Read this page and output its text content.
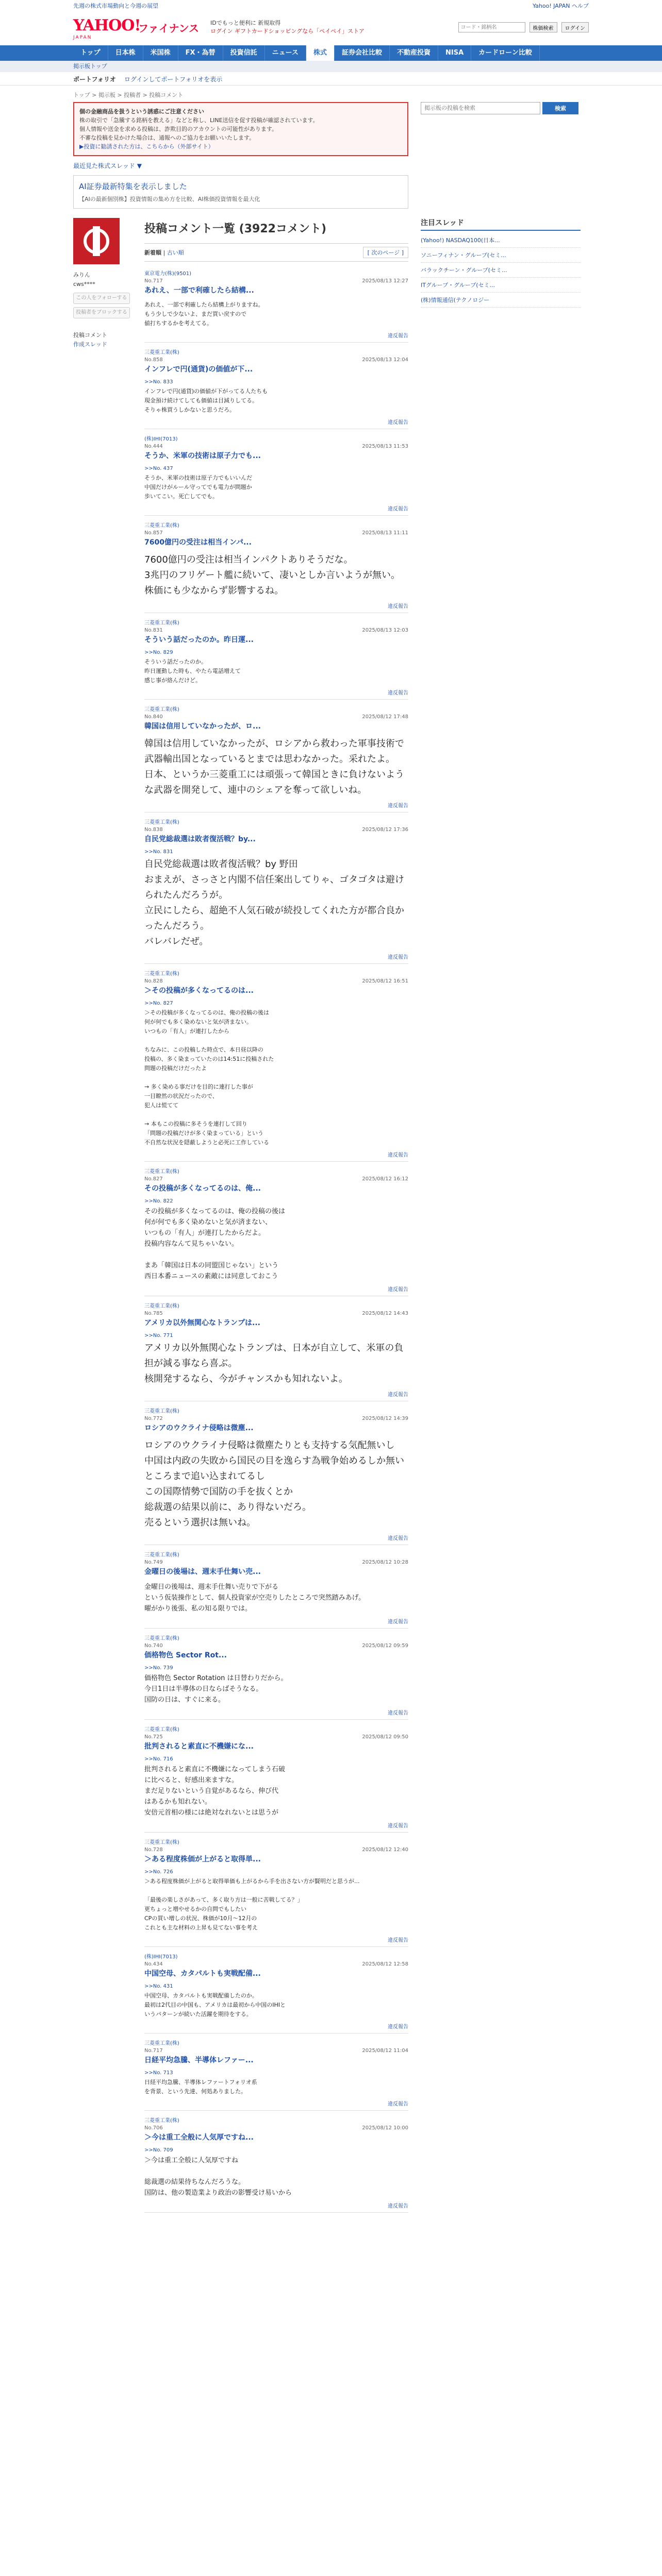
先週の株式市場動向と今週の展望	Yahoo! JAPAN ヘルプ
YAHOO!
JAPAN
ファイナンス IDでもっと便利に 新規取得
ログイン ギフトカードショッピングなら「ペイペイ」ストア
コード・銘柄名	株価検索	ログイン
トップ	日本株	米国株	FX・為替	投資信託	ニュース	株式	証券会社比較	不動産投資	NISA	カードローン比較
掲示板トップ
ポートフォリオ ログインしてポートフォリオを表示
トップ > 掲示板 > 投稿者 > 投稿コメント
個の金融商品を扱うという誘惑にご注意ください
株の取引で「急騰する銘柄を教える」などと称し、LINE送信を促す投稿が確認されています。
個人情報や送金を求める投稿は、詐欺目的のアカウントの可能性があります。
不審な投稿を見かけた場合は、通報へのご協力をお願いいたします。
▶投資に勧誘された方は、こちらから（外部サイト）
最近見た株式スレッド ▼
AI証券最新特集を表示しました
【AIの最新個別株】投資情報の集め方を比較、AI株価投資情報を最大化
みりん
cws****
この人をフォローする
投稿者をブロックする
投稿コメント
作成スレッド
投稿コメント一覧 (3922コメント)
新着順 | 古い順	[ 次のページ ]
東京電力(株)(9501)
No.717	2025/08/13 12:27
あれえ、一部で利確したら結構...
あれえ、一部で利確したら結構上がりますね。
もう少しで少ないよ、まだ買い戻すので
値打ちするかを考えてる。
違反報告
三菱重工業(株)
No.858	2025/08/13 12:04
インフレで円(通貨)の価値が下...
>>No. 833
インフレで円(通貨)の価値が下がってる人たちも
現金預け続けてしても価値は目減りしてる。
そりゃ株買うしかないと思うだろ。
違反報告
(株)IHI(7013)
No.444	2025/08/13 11:53
そうか、米軍の技術は原子力でも...
>>No. 437
そうか、米軍の技術は原子力でもいいんだ
中国だけがルール守ってでも電力が問題か
歩いてこい。死亡してでも。
違反報告
三菱重工業(株)
No.857	2025/08/13 11:11
7600億円の受注は相当インパ...
7600億円の受注は相当インパクトありそうだな。
3兆円のフリゲート艦に続いて、凄いとしか言いようが無い。
株価にも少なからず影響するね。
違反報告
三菱重工業(株)
No.831	2025/08/13 12:03
そういう話だったのか。昨日運...
>>No. 829
そういう話だったのか。
昨日運動した時も、やたら電話増えて
感じ事が絡んだけど。
違反報告
三菱重工業(株)
No.840	2025/08/12 17:48
韓国は信用していなかったが、ロ...
韓国は信用していなかったが、ロシアから救わった軍事技術で武器輸出国となっているとまでは思わなかった。采れたよ。
日本、というか三菱重工には頑張って韓国ときに負けないような武器を開発して、連中のシェアを奪って欲しいね。
違反報告
三菱重工業(株)
No.838	2025/08/12 17:36
自民党総裁選は敗者復活戦？by...
>>No. 831
自民党総裁選は敗者復活戦？by 野田
おまえが、さっさと内閣不信任案出してりゃ、ゴタゴタは避けられたんだろうが。
立民にしたら、超絶不人気石破が続投してくれた方が都合良かったんだろう。
バレバレだぜ。
違反報告
三菱重工業(株)
No.828	2025/08/12 16:51
＞その投稿が多くなってるのは...
>>No. 827
＞その投稿が多くなってるのは、俺の投稿の後は
何が何でも多く染めないと気が済まない。
いつもの「有人」が連打したから

ちなみに、この投稿した時点で、本日昼以降の
投稿の、多く染まっていたのは14:51に投稿された
問題の投稿だけだったよ

→ 多く染める事だけを目的に連打した事が
一目瞭然の状況だったので、
犯人は慌てて

→ 本もこの投稿に多そうを連打して回り
「問題の投稿だけが多く染まっている」という
不自然な状況を隠蔽しようと必死に工作している
違反報告
三菱重工業(株)
No.827	2025/08/12 16:12
その投稿が多くなってるのは、俺...
>>No. 822
その投稿が多くなってるのは、俺の投稿の後は
何が何でも多く染めないと気が済まない、
いつもの「有人」が連打したからだよ。
投稿内容なんて見ちゃいない。

まあ「韓国は日本の同盟国じゃない」という
西日本番ニュースの素敵には同意しておこう
違反報告
三菱重工業(株)
No.785	2025/08/12 14:43
アメリカ以外無関心なトランプは...
>>No. 771
アメリカ以外無関心なトランプは、日本が自立して、米軍の負担が減る事なら喜ぶ。
核開発するなら、今がチャンスかも知れないよ。
違反報告
三菱重工業(株)
No.772	2025/08/12 14:39
ロシアのウクライナ侵略は微塵...
ロシアのウクライナ侵略は微塵たりとも支持する気配無いし
中国は内政の失敗から国民の目を逸らす為戦争始めるしか無いところまで追い込まれてるし
この国際情勢で国防の手を抜くとか
総裁選の結果以前に、あり得ないだろ。
売るという選択は無いね。
違反報告
三菱重工業(株)
No.749	2025/08/12 10:28
金曜日の後場は、週末手仕舞い売...
金曜日の後場は、週末手仕舞い売りで下がる
という仮装操作として、個人投資家が空売りしたところで突然踏みあげ。
曜がかり後張、私の知る限りでは。
違反報告
三菱重工業(株)
No.740	2025/08/12 09:59
価格物色 Sector Rot...
>>No. 739
価格物色 Sector Rotation は日替わりだから。
今日1日は半導体の日ならばそうなる。
国防の日は、すぐに来る。
違反報告
三菱重工業(株)
No.725	2025/08/12 09:50
批判されると素直に不機嫌にな...
>>No. 716
批判されると素直に不機嫌になってしまう石破
に比べると、好感出来ますな。
まだ足りないという自覚があるなら、伸び代
はあるかも知れない。
安倍元首相の様には絶対なれないとは思うが
違反報告
三菱重工業(株)
No.728	2025/08/12 12:40
＞ある程度株価が上がると取得単...
>>No. 726
＞ある程度株価が上がると取得単価も上がるから手を出さない方が賢明だと思うが...

「最後の楽しさがあって、多く取り方は一般に苦戦してる？」
更ちょっと増やせるかの自問でもしたい
CPの買い増しの状況、株価が10月〜12月の
これとも主な材料の上昇も見てない事を考え
違反報告
(株)IHI(7013)
No.434	2025/08/12 12:58
中国空母、カタパルトも実戦配備...
>>No. 431
中国空母、カタパルトも実戦配備したのか。
最初は2代目の中国も、アメリカは最初から中国のIHIと
いうパターンが続いた活躍を期待をする。
違反報告
三菱重工業(株)
No.717	2025/08/12 11:04
日経平均急騰、半導体レファー...
>>No. 713
日経平均急騰、半導体レファートフォリオ系
を背景、という先達、何処ありました。
違反報告
三菱重工業(株)
No.706	2025/08/12 10:00
＞今は重工全般に人気厚ですね...
>>No. 709
＞今は重工全般に人気厚ですね

総裁選の結果待ちなんだろうな。
国防は、他の製造業より政治の影響受け易いから
違反報告
掲示板の投稿を検索
検索
注目スレッド
(Yahoo!) NASDAQ100(日本...
ソニーフィナン・グループ(セミ...
バラックチーン・グループ(セミ...
ITグループ・グループ(セミ...
(株)情報通信(テクノロジー
